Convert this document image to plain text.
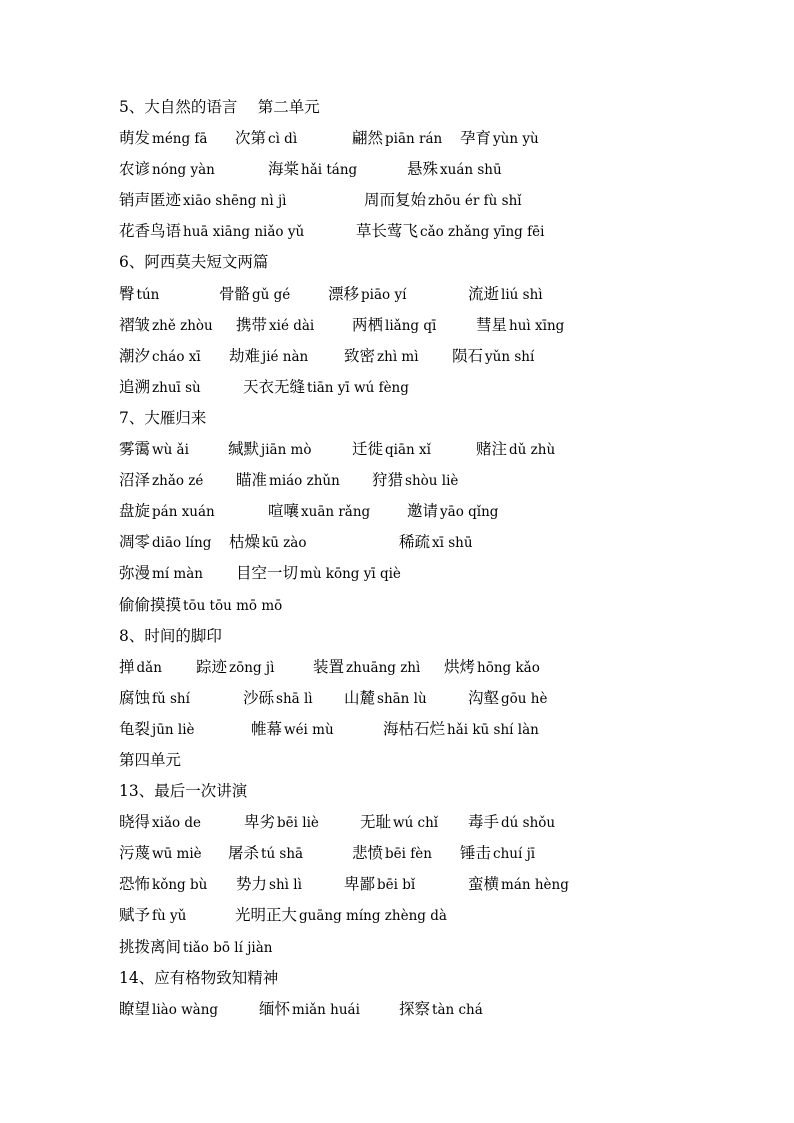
5、大自然的语言　 第二单元
萌发 méng fā 次第 cì dì	翩然 piān rán 孕育 yùn yù
农谚 nóng yàn	海棠 hǎi táng	悬殊 xuán shū
销声匿迹 xiāo shēng nì jì	周而复始 zhōu ér fù shǐ
花香鸟语 huā xiāng niǎo yǔ	草长莺飞 cǎo zhǎng yīng fēi
6、阿西莫夫短文两篇
臀 tún	骨骼 gǔ gé 漂移 piāo yí	流逝 liú shì
褶皱 zhě zhòu 携带 xié dài 两栖 liǎng qī	彗星 huì xīng
潮汐 cháo xī 劫难 jié nàn 致密 zhì mì 陨石 yǔn shí
追溯 zhuī sù	天衣无缝 tiān yī wú fèng
7、大雁归来
雾霭 wù ǎi	缄默 jiān mò	迁徙 qiān xǐ	赌注 dǔ zhù
沼泽 zhǎo zé 瞄准 miáo zhǔn 狩猎 shòu liè
盘旋 pán xuán	喧嚷 xuān rǎng 邀请 yāo qǐng
凋零 diāo líng 枯燥 kū zào	稀疏 xī shū
弥漫 mí màn 目空一切 mù kōng yī qiè
偷偷摸摸 tōu tōu mō mō
8、时间的脚印
掸 dǎn 踪迹 zōng jì 装置 zhuāng zhì 烘烤 hōng kǎo
腐蚀 fǔ shí	沙砾 shā lì 山麓 shān lù	沟壑 gōu hè
龟裂 jūn liè	帷幕 wéi mù	海枯石烂 hǎi kū shí làn
第四单元
13、最后一次讲演
晓得 xiǎo de	卑劣 bēi liè	无耻 wú chǐ 毒手 dú shǒu
污蔑 wū miè 屠杀 tú shā	悲愤 bēi fèn 锤击 chuí jī
恐怖 kǒng bù 势力 shì lì	卑鄙 bēi bǐ	蛮横 mán hèng
赋予 fù yǔ	光明正大 guāng míng zhèng dà
挑拨离间 tiǎo bō lí jiàn
14、应有格物致知精神
瞭望 liào wàng	缅怀 miǎn huái	探察 tàn chá
